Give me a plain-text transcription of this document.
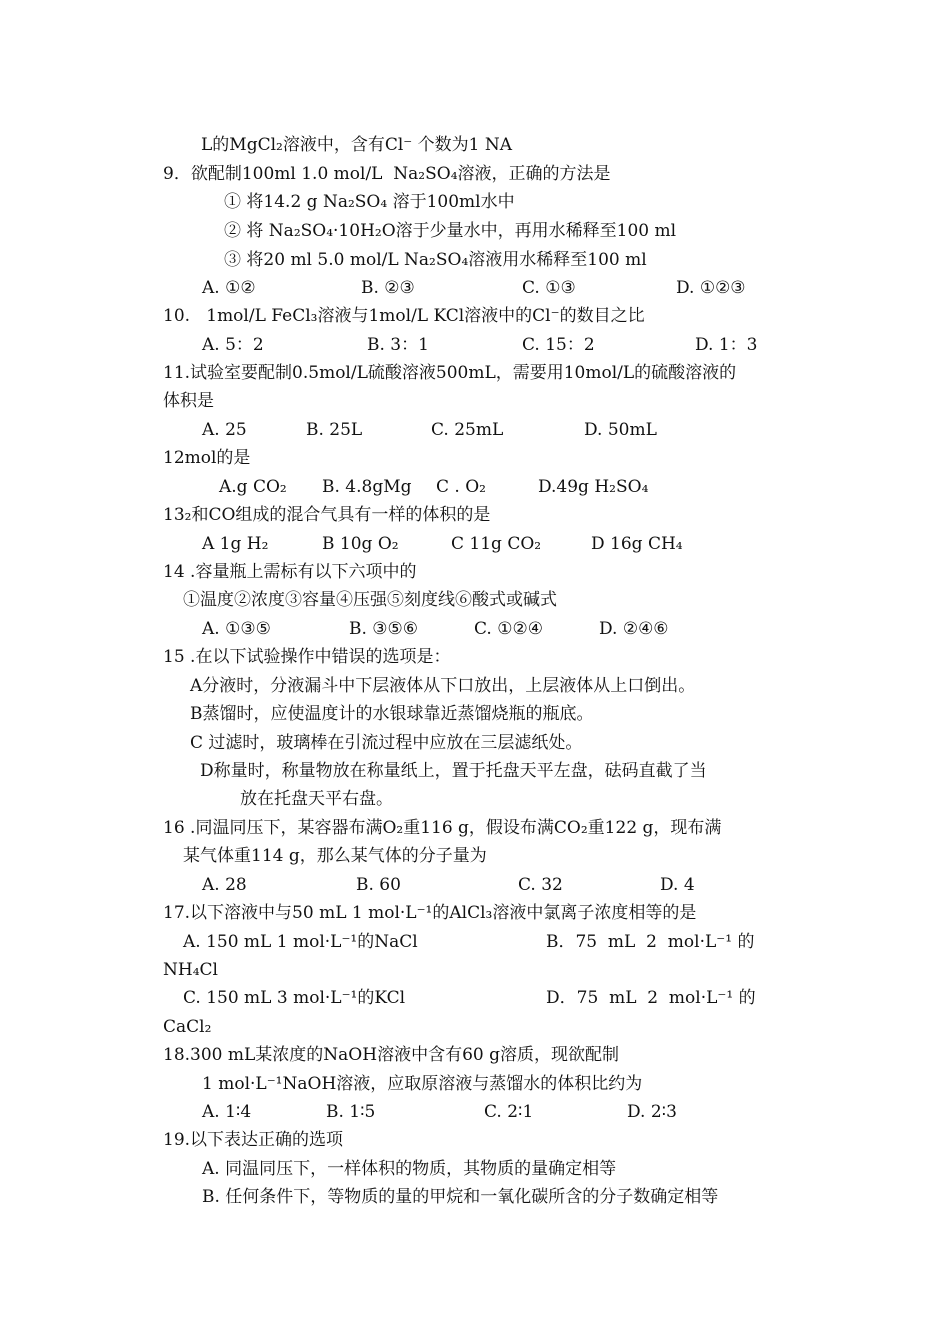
L的MgCl₂溶液中，含有Cl⁻ 个数为1 NA
9．欲配制100ml 1.0 mol/L  Na₂SO₄溶液，正确的方法是
① 将14.2 g Na₂SO₄ 溶于100ml水中
② 将 Na₂SO₄·10H₂O溶于少量水中，再用水稀释至100 ml
③ 将20 ml 5.0 mol/L Na₂SO₄溶液用水稀释至100 ml
A. ①②	B. ②③	C. ①③	D. ①②③
10.   1mol/L FeCl₃溶液与1mol/L KCl溶液中的Cl⁻的数目之比
A. 5：2	B. 3：1	C. 15：2	D. 1：3
11.试验室要配制0.5mol/L硫酸溶液500mL，需要用10mol/L的硫酸溶液的
体积是
A. 25	B. 25L	C. 25mL	D. 50mL
12mol的是
A.g CO₂ B. 4.8gMg C . O₂	D.49g H₂SO₄
13₂和CO组成的混合气具有一样的体积的是
A 1g H₂	B 10g O₂	C 11g CO₂	D 16g CH₄
14 .容量瓶上需标有以下六项中的
①温度②浓度③容量④压强⑤刻度线⑥酸式或碱式
A. ①③⑤	B. ③⑤⑥	C. ①②④	D. ②④⑥
15 .在以下试验操作中错误的选项是：
A分液时，分液漏斗中下层液体从下口放出，上层液体从上口倒出。
B蒸馏时，应使温度计的水银球靠近蒸馏烧瓶的瓶底。
C 过滤时，玻璃棒在引流过程中应放在三层滤纸处。
D称量时，称量物放在称量纸上，置于托盘天平左盘，砝码直截了当
放在托盘天平右盘。
16 .同温同压下，某容器布满O₂重116 g，假设布满CO₂重122 g，现布满
某气体重114 g，那么某气体的分子量为
A. 28	B. 60	C. 32	D. 4
17.以下溶液中与50 mL 1 mol·L⁻¹的AlCl₃溶液中氯离子浓度相等的是
A. 150 mL 1 mol·L⁻¹的NaCl	B．75  mL  2  mol·L⁻¹ 的
NH₄Cl
C. 150 mL 3 mol·L⁻¹的KCl	D．75  mL  2  mol·L⁻¹ 的
CaCl₂
18.300 mL某浓度的NaOH溶液中含有60 g溶质，现欲配制
1 mol·L⁻¹NaOH溶液，应取原溶液与蒸馏水的体积比约为
A. 1∶4	B. 1∶5	C. 2∶1	D. 2∶3
19.以下表达正确的选项
A. 同温同压下，一样体积的物质，其物质的量确定相等
B. 任何条件下，等物质的量的甲烷和一氧化碳所含的分子数确定相等
